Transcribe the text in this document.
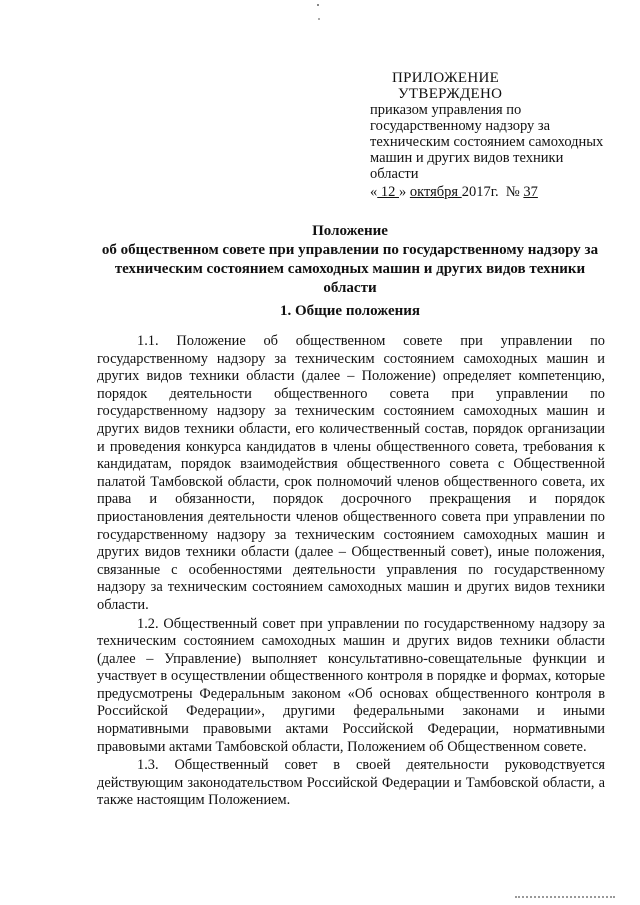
ПРИЛОЖЕНИЕ
УТВЕРЖДЕНО
приказом управления по государственному надзору за техническим состоянием самоходных машин и других видов техники области
« 12 » октября 2017г.  № 37
Положение
об общественном совете при управлении по государственному надзору за техническим состоянием самоходных машин и других видов техники области
1. Общие положения

1.1. Положение об общественном совете при управлении по государственному надзору за техническим состоянием самоходных машин и других видов техники области (далее – Положение) определяет компетенцию, порядок деятельности общественного совета при управлении по государственному надзору за техническим состоянием самоходных машин и других видов техники области, его количественный состав, порядок организации и проведения конкурса кандидатов в члены общественного совета, требования к кандидатам, порядок взаимодействия общественного совета с Общественной палатой Тамбовской области, срок полномочий членов общественного совета, их права и обязанности, порядок досрочного прекращения и порядок приостановления деятельности членов общественного совета при управлении по государственному надзору за техническим состоянием самоходных машин и других видов техники области (далее – Общественный совет), иные положения, связанные с особенностями деятельности управления по государственному надзору за техническим состоянием самоходных машин и других видов техники области.

1.2. Общественный совет при управлении по государственному надзору за техническим состоянием самоходных машин и других видов техники области (далее – Управление) выполняет консультативно-совещательные функции и участвует в осуществлении общественного контроля в порядке и формах, которые предусмотрены Федеральным законом «Об основах общественного контроля в Российской Федерации», другими федеральными законами и иными нормативными правовыми актами Российской Федерации, нормативными правовыми актами Тамбовской области, Положением об Общественном совете.

1.3. Общественный совет в своей деятельности руководствуется действующим законодательством Российской Федерации и Тамбовской области, а также настоящим Положением.
